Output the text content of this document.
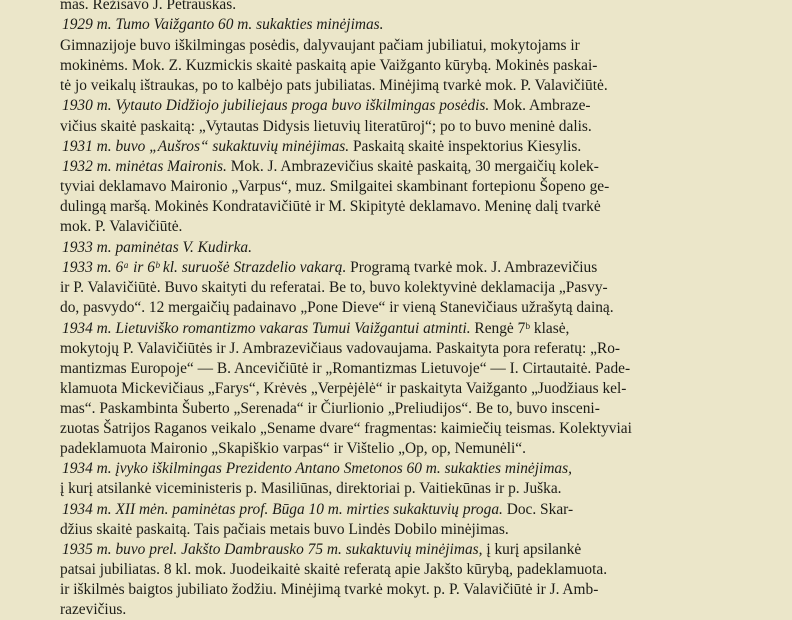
mas. Režisavo J. Petrauskas.
1929 m. Tumo Vaižganto 60 m. sukakties minėjimas.
Gimnazijoje buvo iškilmingas posėdis, dalyvaujant pačiam jubiliatui, mokytojams ir
mokinėms. Mok. Z. Kuzmickis skaitė paskaitą apie Vaižganto kūrybą. Mokinės paskai-
tė jo veikalų ištraukas, po to kalbėjo pats jubiliatas. Minėjimą tvarkė mok. P. Valavičiūtė.
1930 m. Vytauto Didžiojo jubiliejaus proga buvo iškilmingas posėdis. Mok. Ambraze-
vičius skaitė paskaitą: „Vytautas Didysis lietuvių literatūroj“; po to buvo meninė dalis.
1931 m. buvo „Aušros“ sukaktuvių minėjimas. Paskaitą skaitė inspektorius Kiesylis.
1932 m. minėtas Maironis. Mok. J. Ambrazevičius skaitė paskaitą, 30 mergaičių kolek-
tyviai deklamavo Maironio „Varpus“, muz. Smilgaitei skambinant fortepionu Šopeno ge-
dulingą maršą. Mokinės Kondratavičiūtė ir M. Skipitytė deklamavo. Meninę dalį tvarkė
mok. P. Valavičiūtė.
1933 m. paminėtas V. Kudirka.
1933 m. 6ᵃ ir 6ᵇ kl. suruošė Strazdelio vakarą. Programą tvarkė mok. J. Ambrazevičius
ir P. Valavičiūtė. Buvo skaityti du referatai. Be to, buvo kolektyvinė deklamacija „Pasvy-
do, pasvydo“. 12 mergaičių padainavo „Pone Dieve“ ir vieną Stanevičiaus užrašytą dainą.
1934 m. Lietuviško romantizmo vakaras Tumui Vaižgantui atminti. Rengė 7ᵇ klasė,
mokytojų P. Valavičiūtės ir J. Ambrazevičiaus vadovaujama. Paskaityta pora referatų: „Ro-
mantizmas Europoje“ — B. Ancevičiūtė ir „Romantizmas Lietuvoje“ — I. Cirtautaitė. Pade-
klamuota Mickevičiaus „Farys“, Krėvės „Verpėjėlė“ ir paskaityta Vaižganto „Juodžiaus kel-
mas“. Paskambinta Šuberto „Serenada“ ir Čiurlionio „Preliudijos“. Be to, buvo insceni-
zuotas Šatrijos Raganos veikalo „Sename dvare“ fragmentas: kaimiečių teismas. Kolektyviai
padeklamuota Maironio „Skapiškio varpas“ ir Vištelio „Op, op, Nemunėli“.
1934 m. įvyko iškilmingas Prezidento Antano Smetonos 60 m. sukakties minėjimas,
į kurį atsilankė viceministeris p. Masiliūnas, direktoriai p. Vaitiekūnas ir p. Juška.
1934 m. XII mėn. paminėtas prof. Būga 10 m. mirties sukaktuvių proga. Doc. Skar-
džius skaitė paskaitą. Tais pačiais metais buvo Lindės Dobilo minėjimas.
1935 m. buvo prel. Jakšto Dambrausko 75 m. sukaktuvių minėjimas, į kurį apsilankė
patsai jubiliatas. 8 kl. mok. Juodeikaitė skaitė referatą apie Jakšto kūrybą, padeklamuota.
ir iškilmės baigtos jubiliato žodžiu. Minėjimą tvarkė mokyt. p. P. Valavičiūtė ir J. Amb-
razevičius.
